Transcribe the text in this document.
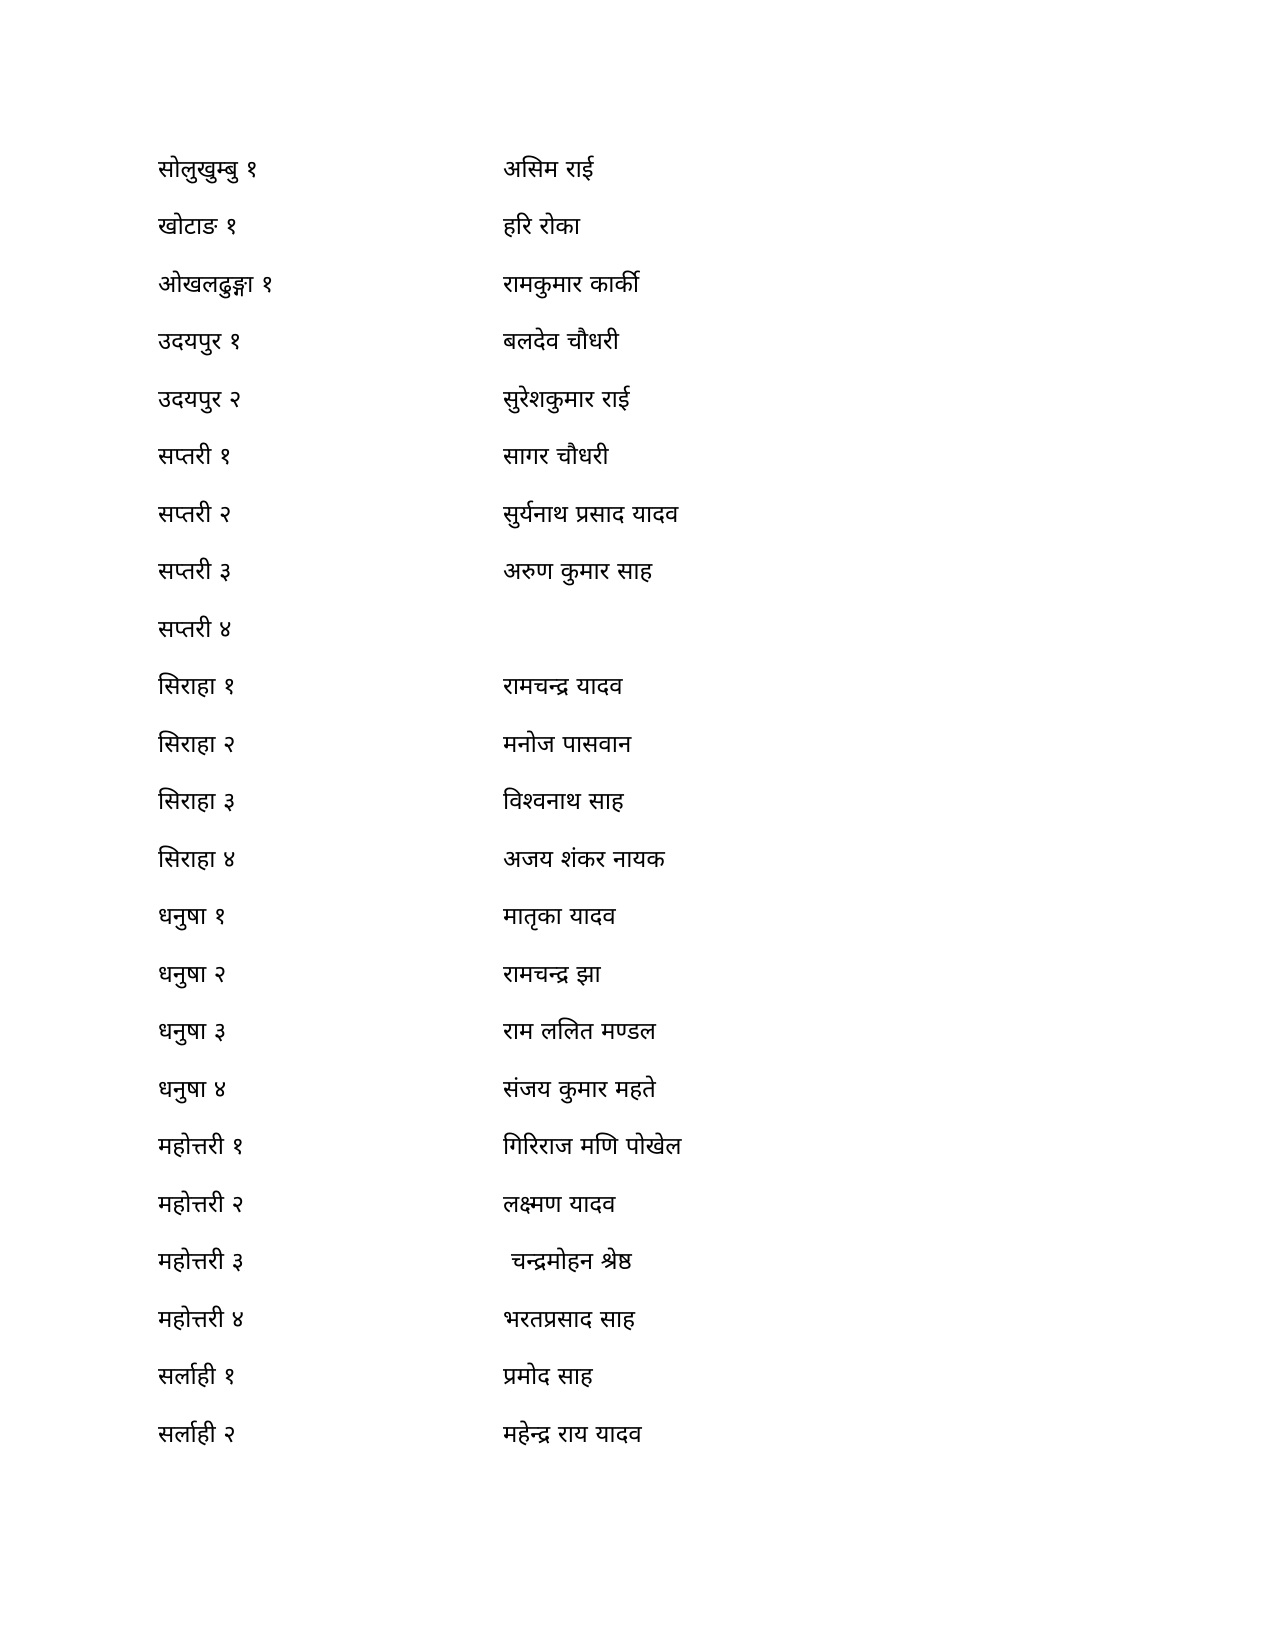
सोलुखुम्बु १	असिम राई
खोटाङ १	हरि रोका
ओखलढुङ्गा १	रामकुमार कार्की
उदयपुर १	बलदेव चौधरी
उदयपुर २	सुरेशकुमार राई
सप्तरी १	सागर चौधरी
सप्तरी २	सुर्यनाथ प्रसाद यादव
सप्तरी ३	अरुण कुमार साह
सप्तरी ४
सिराहा १	रामचन्द्र यादव
सिराहा २	मनोज पासवान
सिराहा ३	विश्वनाथ साह
सिराहा ४	अजय शंकर नायक
धनुषा १	मातृका यादव
धनुषा २	रामचन्द्र झा
धनुषा ३	राम ललित मण्डल
धनुषा ४	संजय कुमार महते
महोत्तरी १	गिरिराज मणि पोखेल
महोत्तरी २	लक्ष्मण यादव
महोत्तरी ३	चन्द्रमोहन श्रेष्ठ
महोत्तरी ४	भरतप्रसाद साह
सर्लाही १	प्रमोद साह
सर्लाही २	महेन्द्र राय यादव
